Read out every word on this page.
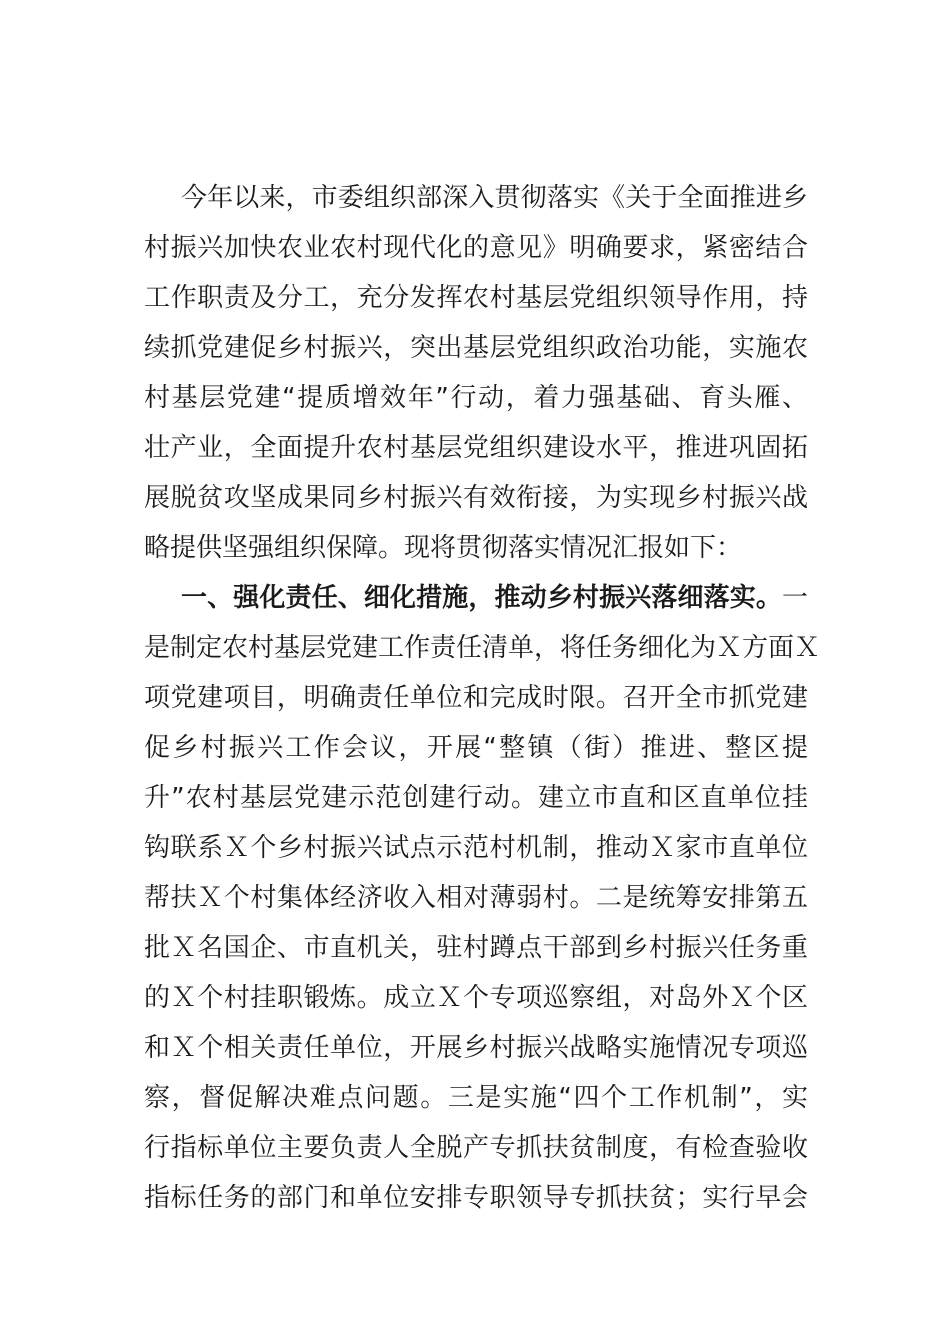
今年以来，市委组织部深入贯彻落实《关于全面推进乡
村振兴加快农业农村现代化的意见》明确要求，紧密结合
工作职责及分工，充分发挥农村基层党组织领导作用，持
续抓党建促乡村振兴，突出基层党组织政治功能，实施农
村基层党建“提质增效年”行动，着力强基础、育头雁、
壮产业，全面提升农村基层党组织建设水平，推进巩固拓
展脱贫攻坚成果同乡村振兴有效衔接，为实现乡村振兴战
略提供坚强组织保障。现将贯彻落实情况汇报如下：
一、强化责任、细化措施，推动乡村振兴落细落实。一
是制定农村基层党建工作责任清单，将任务细化为Ｘ方面Ｘ
项党建项目，明确责任单位和完成时限。召开全市抓党建
促乡村振兴工作会议，开展“整镇（街）推进、整区提
升”农村基层党建示范创建行动。建立市直和区直单位挂
钩联系Ｘ个乡村振兴试点示范村机制，推动Ｘ家市直单位
帮扶Ｘ个村集体经济收入相对薄弱村。二是统筹安排第五
批Ｘ名国企、市直机关，驻村蹲点干部到乡村振兴任务重
的Ｘ个村挂职锻炼。成立Ｘ个专项巡察组，对岛外Ｘ个区
和Ｘ个相关责任单位，开展乡村振兴战略实施情况专项巡
察，督促解决难点问题。三是实施“四个工作机制”，实
行指标单位主要负责人全脱产专抓扶贫制度，有检查验收
指标任务的部门和单位安排专职领导专抓扶贫；实行早会
